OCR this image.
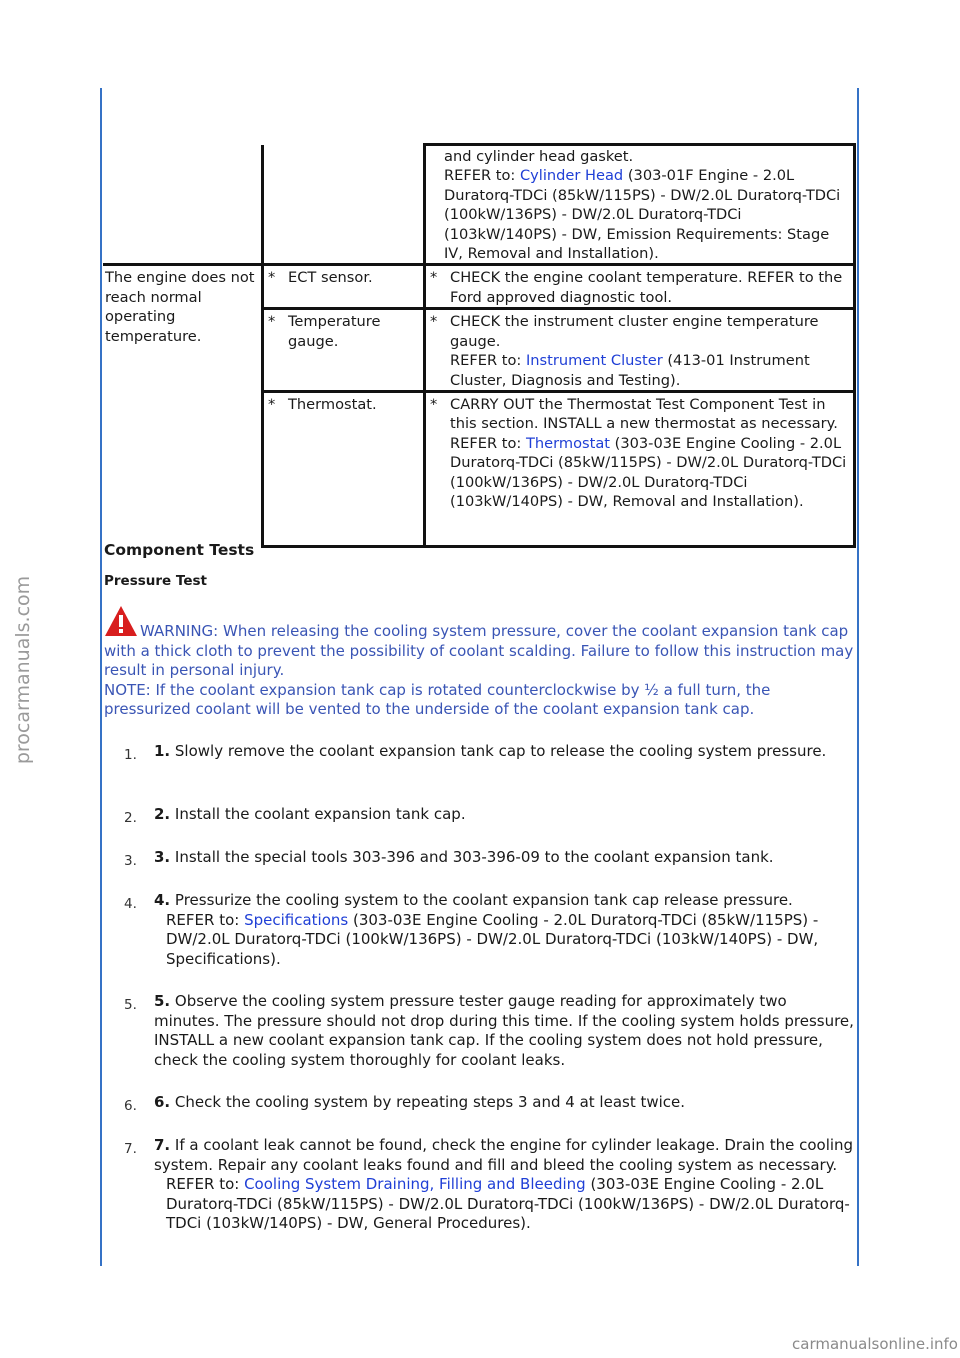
procarmanuals.com

		and cylinder head gasket.
REFER to: Cylinder Head (303-01F Engine - 2.0L Duratorq-TDCi (85kW/115PS) - DW/2.0L Duratorq-TDCi (100kW/136PS) - DW/2.0L Duratorq-TDCi (103kW/140PS) - DW, Emission Requirements: Stage IV, Removal and Installation).

The engine does not reach normal operating temperature.	* ECT sensor.	* CHECK the engine coolant temperature. REFER to the Ford approved diagnostic tool.

	* Temperature gauge.	* CHECK the instrument cluster engine temperature gauge.
REFER to: Instrument Cluster (413-01 Instrument Cluster, Diagnosis and Testing).

	* Thermostat.	* CARRY OUT the Thermostat Test Component Test in this section. INSTALL a new thermostat as necessary.
REFER to: Thermostat (303-03E Engine Cooling - 2.0L Duratorq-TDCi (85kW/115PS) - DW/2.0L Duratorq-TDCi (100kW/136PS) - DW/2.0L Duratorq-TDCi (103kW/140PS) - DW, Removal and Installation).
Component Tests
Pressure Test
WARNING: When releasing the cooling system pressure, cover the coolant expansion tank cap with a thick cloth to prevent the possibility of coolant scalding. Failure to follow this instruction may result in personal injury.
NOTE: If the coolant expansion tank cap is rotated counterclockwise by ½ a full turn, the pressurized coolant will be vented to the underside of the coolant expansion tank cap.
1. 1. Slowly remove the coolant expansion tank cap to release the cooling system pressure.
2. 2. Install the coolant expansion tank cap.
3. 3. Install the special tools 303-396 and 303-396-09 to the coolant expansion tank.
4. 4. Pressurize the cooling system to the coolant expansion tank cap release pressure.
REFER to: Specifications (303-03E Engine Cooling - 2.0L Duratorq-TDCi (85kW/115PS) - DW/2.0L Duratorq-TDCi (100kW/136PS) - DW/2.0L Duratorq-TDCi (103kW/140PS) - DW, Specifications).
5. 5. Observe the cooling system pressure tester gauge reading for approximately two minutes. The pressure should not drop during this time. If the cooling system holds pressure, INSTALL a new coolant expansion tank cap. If the cooling system does not hold pressure, check the cooling system thoroughly for coolant leaks.
6. 6. Check the cooling system by repeating steps 3 and 4 at least twice.
7. 7. If a coolant leak cannot be found, check the engine for cylinder leakage. Drain the cooling system. Repair any coolant leaks found and fill and bleed the cooling system as necessary.
REFER to: Cooling System Draining, Filling and Bleeding (303-03E Engine Cooling - 2.0L Duratorq-TDCi (85kW/115PS) - DW/2.0L Duratorq-TDCi (100kW/136PS) - DW/2.0L Duratorq-TDCi (103kW/140PS) - DW, General Procedures).
carmanualsonline.info
